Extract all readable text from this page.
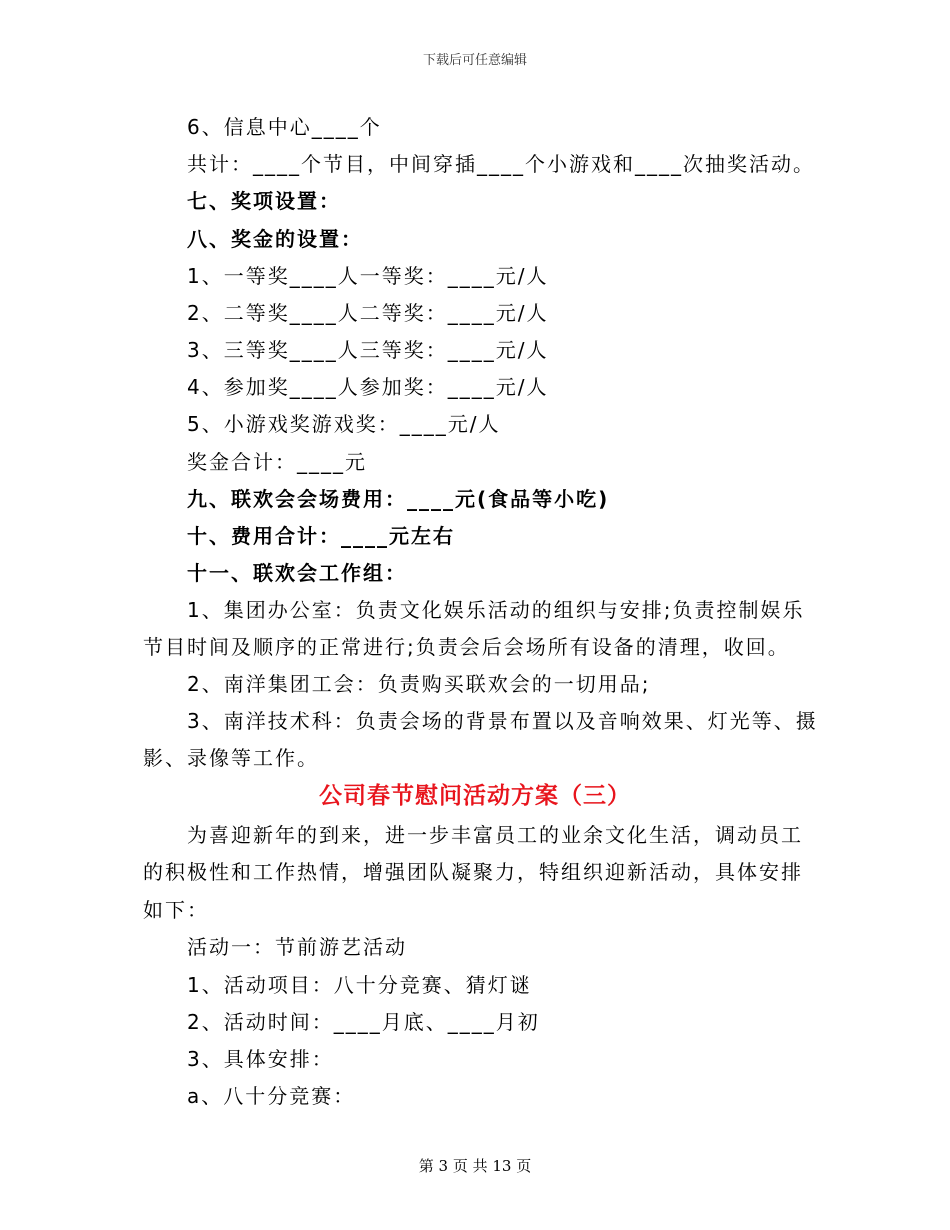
下载后可任意编辑
6、信息中心____个
共计：____个节目，中间穿插____个小游戏和____次抽奖活动。
七、奖项设置：
八、奖金的设置：
1、一等奖____人一等奖：____元/人
2、二等奖____人二等奖：____元/人
3、三等奖____人三等奖：____元/人
4、参加奖____人参加奖：____元/人
5、小游戏奖游戏奖：____元/人
奖金合计：____元
九、联欢会会场费用：____元(食品等小吃)
十、费用合计：____元左右
十一、联欢会工作组：
1、集团办公室：负责文化娱乐活动的组织与安排;负责控制娱乐
节目时间及顺序的正常进行;负责会后会场所有设备的清理，收回。
2、南洋集团工会：负责购买联欢会的一切用品;
3、南洋技术科：负责会场的背景布置以及音响效果、灯光等、摄
影、录像等工作。
公司春节慰问活动方案（三）
为喜迎新年的到来，进一步丰富员工的业余文化生活，调动员工
的积极性和工作热情，增强团队凝聚力，特组织迎新活动，具体安排
如下：
活动一：节前游艺活动
1、活动项目：八十分竞赛、猜灯谜
2、活动时间：____月底、____月初
3、具体安排：
a、八十分竞赛：
第 3 页 共 13 页
